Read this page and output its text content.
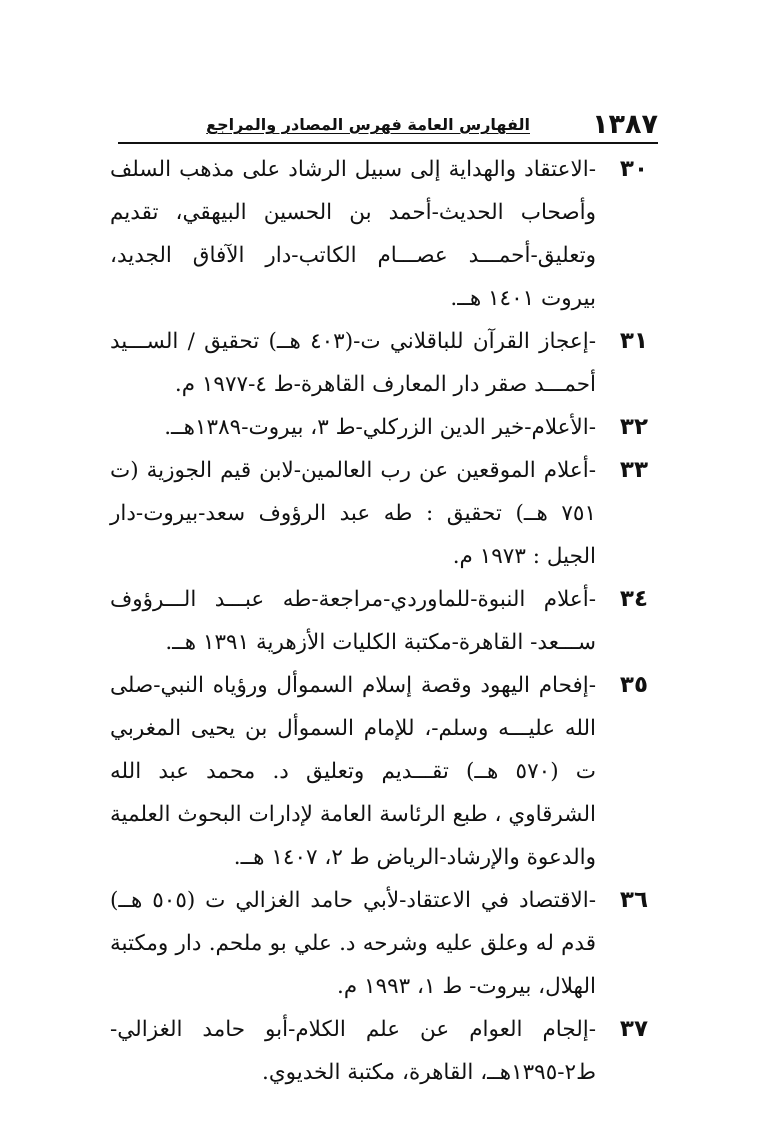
١٣٨٧
الفهارس العامة فهرس المصادر والمراجع

٣٠
-الاعتقاد والهداية إلى سبيل الرشاد على مذهب السلف وأصحاب الحديث-أحمد بن الحسين البيهقي، تقديم وتعليق-أحمـــد عصـــام الكاتب-دار الآفاق الجديد، بيروت ١٤٠١ هــ.

٣١
-إعجاز القرآن للباقلاني ت-(٤٠٣ هــ) تحقيق / الســـيد أحمـــد صقر دار المعارف القاهرة-ط ٤-١٩٧٧ م.

٣٢
-الأعلام-خير الدين الزركلي-ط ٣، بيروت-١٣٨٩هــ.

٣٣
-أعلام الموقعين عن رب العالمين-لابن قيم الجوزية (ت ٧٥١ هــ) تحقيق : طه عبد الرؤوف سعد-بيروت-دار الجيل : ١٩٧٣ م.

٣٤
-أعلام النبوة-للماوردي-مراجعة-طه عبـــد الـــرؤوف ســـعد- القاهرة-مكتبة الكليات الأزهرية ١٣٩١ هــ.

٣٥
-إفحام اليهود وقصة إسلام السموأل ورؤياه النبي-صلى الله عليـــه وسلم-، للإمام السموأل بن يحيى المغربي ت (٥٧٠ هــ) تقـــديم وتعليق د. محمد عبد الله الشرقاوي ، طبع الرئاسة العامة لإدارات البحوث العلمية والدعوة والإرشاد-الرياض ط ٢، ١٤٠٧ هــ.

٣٦
-الاقتصاد في الاعتقاد-لأبي حامد الغزالي ت (٥٠٥ هــ) قدم له وعلق عليه وشرحه د. علي بو ملحم. دار ومكتبة الهلال، بيروت- ط ١، ١٩٩٣ م.

٣٧
-إلجام العوام عن علم الكلام-أبو حامد الغزالي-ط٢-١٣٩٥هــ، القاهرة، مكتبة الخديوي.
